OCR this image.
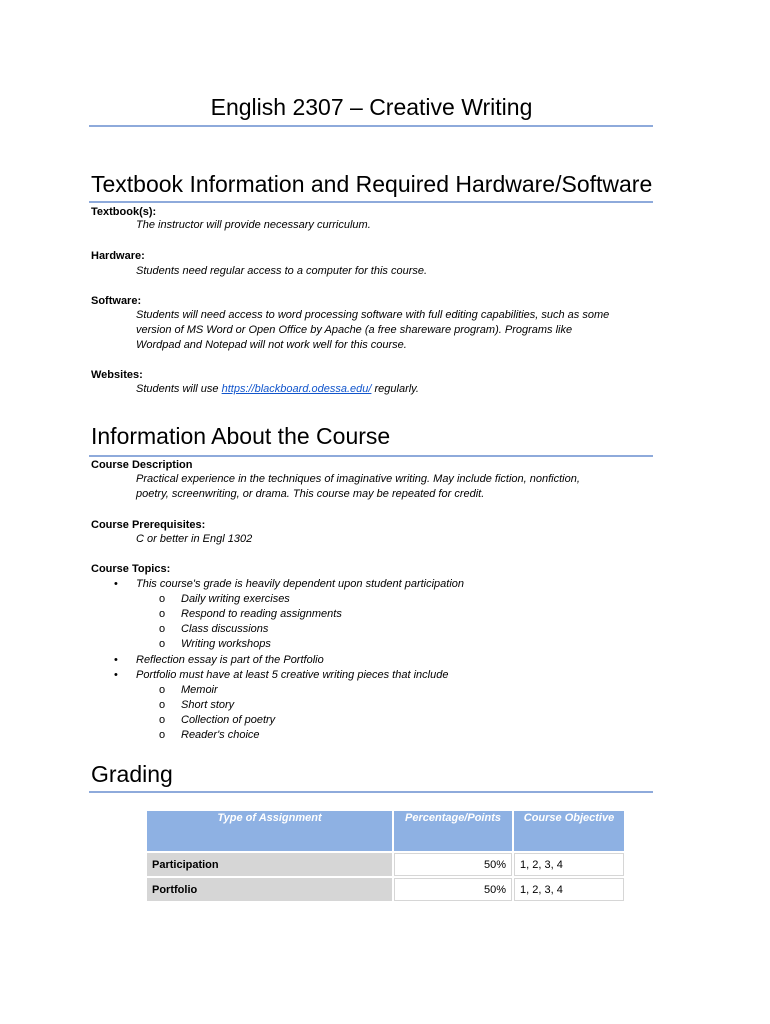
English 2307 – Creative Writing
Textbook Information and Required Hardware/Software
Textbook(s):
The instructor will provide necessary curriculum.
Hardware:
Students need regular access to a computer for this course.
Software:
Students will need access to word processing software with full editing capabilities, such as some
version of MS Word or Open Office by Apache (a free shareware program). Programs like
Wordpad and Notepad will not work well for this course.
Websites:
Students will use https://blackboard.odessa.edu/ regularly.
Information About the Course
Course Description
Practical experience in the techniques of imaginative writing. May include fiction, nonfiction,
poetry, screenwriting, or drama. This course may be repeated for credit.
Course Prerequisites:
C or better in Engl 1302
Course Topics:
• This course's grade is heavily dependent upon student participation
o Daily writing exercises
o Respond to reading assignments
o Class discussions
o Writing workshops
• Reflection essay is part of the Portfolio
• Portfolio must have at least 5 creative writing pieces that include
o Memoir
o Short story
o Collection of poetry
o Reader's choice
Grading
Type of Assignment	Percentage/Points	Course Objective
Participation	50%	1, 2, 3, 4
Portfolio	50%	1, 2, 3, 4
